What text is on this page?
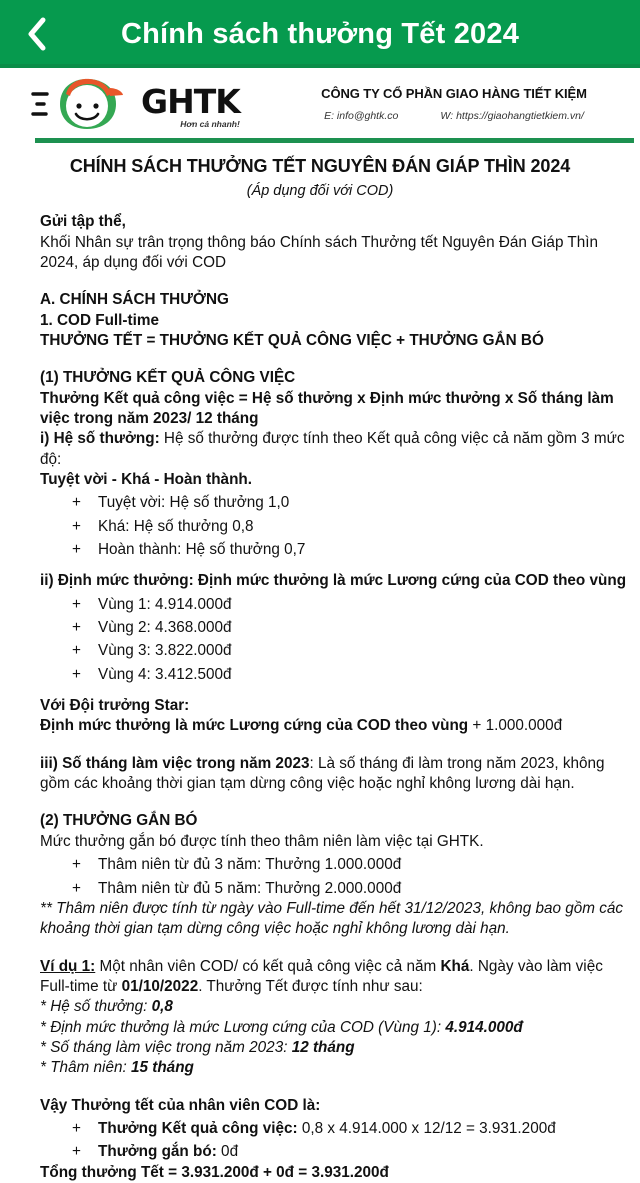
Chính sách thưởng Tết 2024
GHTK
Hơn cả nhanh!
CÔNG TY CỔ PHẦN GIAO HÀNG TIẾT KIỆM
E: info@ghtk.co	W: https://giaohangtietkiem.vn/
CHÍNH SÁCH THƯỞNG TẾT NGUYÊN ĐÁN GIÁP THÌN 2024
(Áp dụng đối với COD)

Gửi tập thể,

Khối Nhân sự trân trọng thông báo Chính sách Thưởng tết Nguyên Đán Giáp Thìn 2024, áp dụng đối với COD

A. CHÍNH SÁCH THƯỞNG

1. COD Full-time

THƯỞNG TẾT = THƯỞNG KẾT QUẢ CÔNG VIỆC + THƯỞNG GẮN BÓ

(1) THƯỞNG KẾT QUẢ CÔNG VIỆC

Thưởng Kết quả công việc = Hệ số thưởng x Định mức thưởng x Số tháng làm việc trong năm 2023/ 12 tháng

i) Hệ số thưởng: Hệ số thưởng được tính theo Kết quả công việc cả năm gồm 3 mức độ:

Tuyệt vời - Khá - Hoàn thành.

+ Tuyệt vời: Hệ số thưởng 1,0
+ Khá: Hệ số thưởng 0,8
+ Hoàn thành: Hệ số thưởng 0,7

ii) Định mức thưởng: Định mức thưởng là mức Lương cứng của COD theo vùng

+ Vùng 1: 4.914.000đ
+ Vùng 2: 4.368.000đ
+ Vùng 3: 3.822.000đ
+ Vùng 4: 3.412.500đ

Với Đội trưởng Star:

Định mức thưởng là mức Lương cứng của COD theo vùng + 1.000.000đ

iii) Số tháng làm việc trong năm 2023: Là số tháng đi làm trong năm 2023, không gồm các khoảng thời gian tạm dừng công việc hoặc nghỉ không lương dài hạn.

(2) THƯỞNG GẮN BÓ

Mức thưởng gắn bó được tính theo thâm niên làm việc tại GHTK.

+ Thâm niên từ đủ 3 năm: Thưởng 1.000.000đ
+ Thâm niên từ đủ 5 năm: Thưởng 2.000.000đ

** Thâm niên được tính từ ngày vào Full-time đến hết 31/12/2023, không bao gồm các khoảng thời gian tạm dừng công việc hoặc nghỉ không lương dài hạn.

Ví dụ 1: Một nhân viên COD/ có kết quả công việc cả năm Khá. Ngày vào làm việc Full-time từ 01/10/2022. Thưởng Tết được tính như sau:

* Hệ số thưởng: 0,8

* Định mức thưởng là mức Lương cứng của COD (Vùng 1): 4.914.000đ

* Số tháng làm việc trong năm 2023: 12 tháng

* Thâm niên: 15 tháng

Vậy Thưởng tết của nhân viên COD là:

+ Thưởng Kết quả công việc: 0,8 x 4.914.000 x 12/12 = 3.931.200đ
+ Thưởng gắn bó: 0đ

Tổng thưởng Tết = 3.931.200đ + 0đ = 3.931.200đ
